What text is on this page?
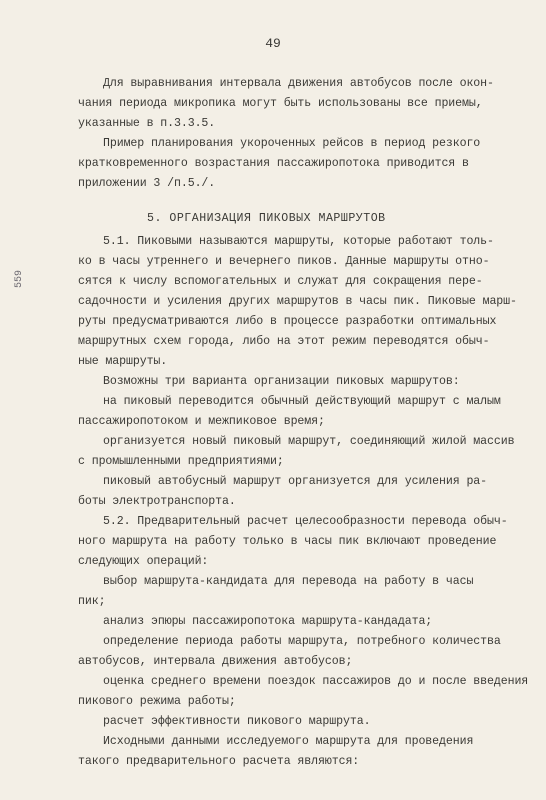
49
559
Для выравнивания интервала движения автобусов после окон-
чания периода микропика могут быть использованы все приемы,
указанные в п.3.3.5.
Пример планирования укороченных рейсов в период резкого
кратковременного возрастания пассажиропотока приводится в
приложении 3 /п.5./.
5. ОРГАНИЗАЦИЯ ПИКОВЫХ МАРШРУТОВ
5.1. Пиковыми называются маршруты, которые работают толь-
ко в часы утреннего и вечернего пиков. Данные маршруты отно-
сятся к числу вспомогательных и служат для сокращения пере-
садочности и усиления других маршрутов в часы пик. Пиковые марш-
руты предусматриваются либо в процессе разработки оптимальных
маршрутных схем города, либо на этот режим переводятся обыч-
ные маршруты.
Возможны три варианта организации пиковых маршрутов:
на пиковый переводится обычный действующий маршрут с малым
пассажиропотоком и межпиковое время;
организуется новый пиковый маршрут, соединяющий жилой массив
с промышленными предприятиями;
пиковый автобусный маршрут организуется для усиления ра-
боты электротранспорта.
5.2. Предварительный расчет целесообразности перевода обыч-
ного маршрута на работу только в часы пик включают проведение
следующих операций:
выбор маршрута-кандидата для перевода на работу в часы
пик;
анализ эпюры пассажиропотока маршрута-кандадата;
определение периода работы маршрута, потребного количества
автобусов, интервала движения автобусов;
оценка среднего времени поездок пассажиров до и после введения
пикового режима работы;
расчет эффективности пикового маршрута.
Исходными данными исследуемого маршрута для проведения
такого предварительного расчета являются:
